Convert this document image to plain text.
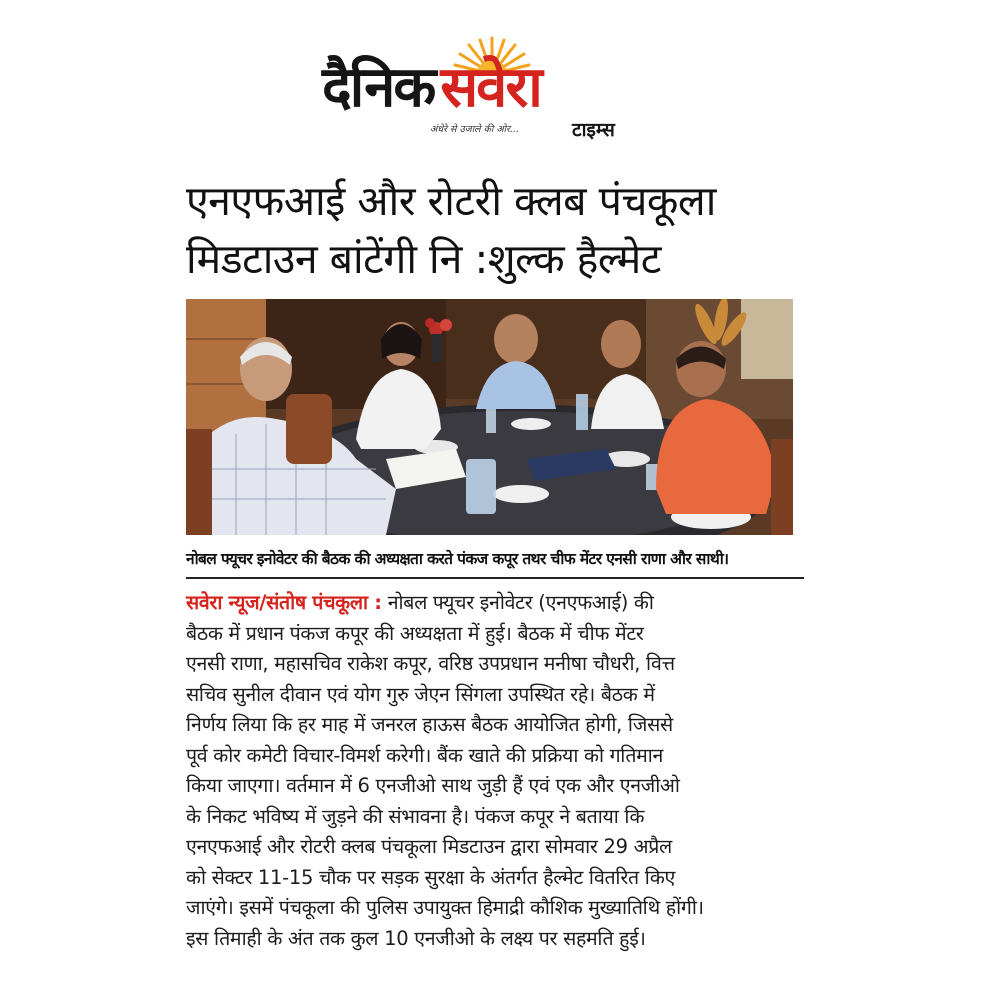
दैनिक सवेरा
अंधेरे से उजाले की ओर...	टाइम्स
एनएफआई और रोटरी क्लब पंचकूला
मिडटाउन बांटेंगी नि :शुल्क हैल्मेट
नोबल फ्यूचर इनोवेटर की बैठक की अध्यक्षता करते पंकज कपूर तथर चीफ मेंटर एनसी राणा और साथी।
सवेरा न्यूज/संतोष पंचकूला : नोबल फ्यूचर इनोवेटर (एनएफआई) की
बैठक में प्रधान पंकज कपूर की अध्यक्षता में हुई। बैठक में चीफ मेंटर
एनसी राणा, महासचिव राकेश कपूर, वरिष्ठ उपप्रधान मनीषा चौधरी, वित्त
सचिव सुनील दीवान एवं योग गुरु जेएन सिंगला उपस्थित रहे। बैठक में
निर्णय लिया कि हर माह में जनरल हाऊस बैठक आयोजित होगी, जिससे
पूर्व कोर कमेटी विचार-विमर्श करेगी। बैंक खाते की प्रक्रिया को गतिमान
किया जाएगा। वर्तमान में 6 एनजीओ साथ जुड़ी हैं एवं एक और एनजीओ
के निकट भविष्य में जुड़ने की संभावना है। पंकज कपूर ने बताया कि
एनएफआई और रोटरी क्लब पंचकूला मिडटाउन द्वारा सोमवार 29 अप्रैल
को सेक्टर 11-15 चौक पर सड़क सुरक्षा के अंतर्गत हैल्मेट वितरित किए
जाएंगे। इसमें पंचकूला की पुलिस उपायुक्त हिमाद्री कौशिक मुख्यातिथि होंगी।
इस तिमाही के अंत तक कुल 10 एनजीओ के लक्ष्य पर सहमति हुई।
